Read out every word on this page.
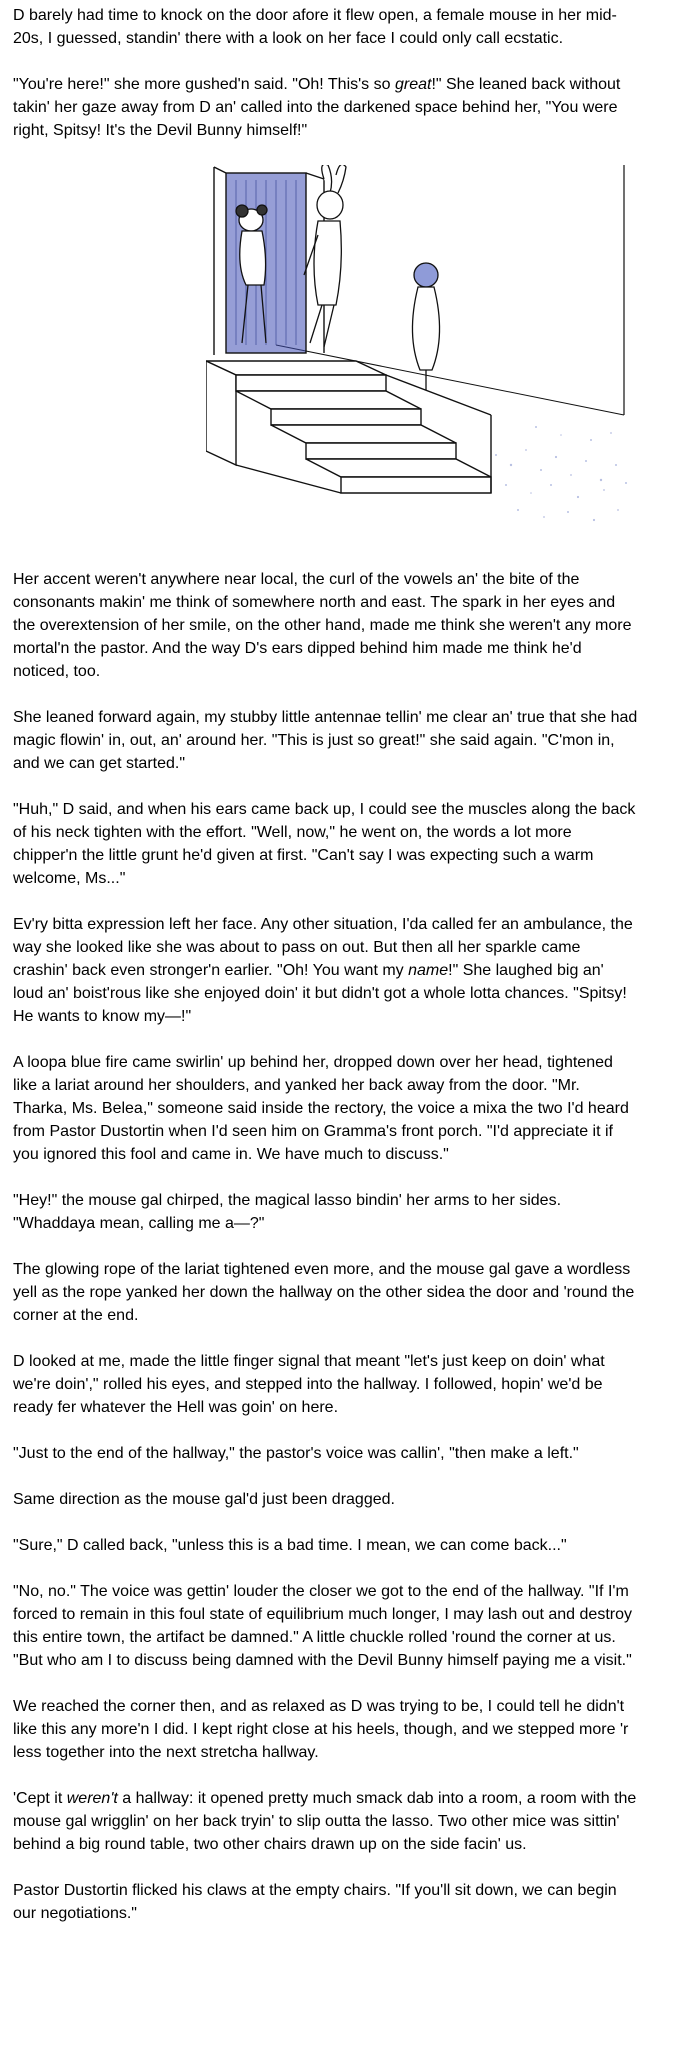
D barely had time to knock on the door afore it flew open, a female mouse in her mid-20s, I guessed, standin' there with a look on her face I could only call ecstatic.

"You're here!" she more gushed'n said. "Oh! This's so great!" She leaned back without takin' her gaze away from D an' called into the darkened space behind her, "You were right, Spitsy! It's the Devil Bunny himself!"

Her accent weren't anywhere near local, the curl of the vowels an' the bite of the consonants makin' me think of somewhere north and east. The spark in her eyes and the overextension of her smile, on the other hand, made me think she weren't any more mortal'n the pastor. And the way D's ears dipped behind him made me think he'd noticed, too.

She leaned forward again, my stubby little antennae tellin' me clear an' true that she had magic flowin' in, out, an' around her. "This is just so great!" she said again. "C'mon in, and we can get started."

"Huh," D said, and when his ears came back up, I could see the muscles along the back of his neck tighten with the effort. "Well, now," he went on, the words a lot more chipper'n the little grunt he'd given at first. "Can't say I was expecting such a warm welcome, Ms..."

Ev'ry bitta expression left her face. Any other situation, I'da called fer an ambulance, the way she looked like she was about to pass on out. But then all her sparkle came crashin' back even stronger'n earlier. "Oh! You want my name!" She laughed big an' loud an' boist'rous like she enjoyed doin' it but didn't got a whole lotta chances. "Spitsy! He wants to know my—!"

A loopa blue fire came swirlin' up behind her, dropped down over her head, tightened like a lariat around her shoulders, and yanked her back away from the door. "Mr. Tharka, Ms. Belea," someone said inside the rectory, the voice a mixa the two I'd heard from Pastor Dustortin when I'd seen him on Gramma's front porch. "I'd appreciate it if you ignored this fool and came in. We have much to discuss."

"Hey!" the mouse gal chirped, the magical lasso bindin' her arms to her sides. "Whaddaya mean, calling me a—?"

The glowing rope of the lariat tightened even more, and the mouse gal gave a wordless yell as the rope yanked her down the hallway on the other sidea the door and 'round the corner at the end.

D looked at me, made the little finger signal that meant "let's just keep on doin' what we're doin'," rolled his eyes, and stepped into the hallway. I followed, hopin' we'd be ready fer whatever the Hell was goin' on here.

"Just to the end of the hallway," the pastor's voice was callin', "then make a left."

Same direction as the mouse gal'd just been dragged.

"Sure," D called back, "unless this is a bad time. I mean, we can come back..."

"No, no." The voice was gettin' louder the closer we got to the end of the hallway. "If I'm forced to remain in this foul state of equilibrium much longer, I may lash out and destroy this entire town, the artifact be damned." A little chuckle rolled 'round the corner at us. "But who am I to discuss being damned with the Devil Bunny himself paying me a visit."

We reached the corner then, and as relaxed as D was trying to be, I could tell he didn't like this any more'n I did. I kept right close at his heels, though, and we stepped more 'r less together into the next stretcha hallway.

'Cept it weren't a hallway: it opened pretty much smack dab into a room, a room with the mouse gal wrigglin' on her back tryin' to slip outta the lasso. Two other mice was sittin' behind a big round table, two other chairs drawn up on the side facin' us.

Pastor Dustortin flicked his claws at the empty chairs. "If you'll sit down, we can begin our negotiations."
